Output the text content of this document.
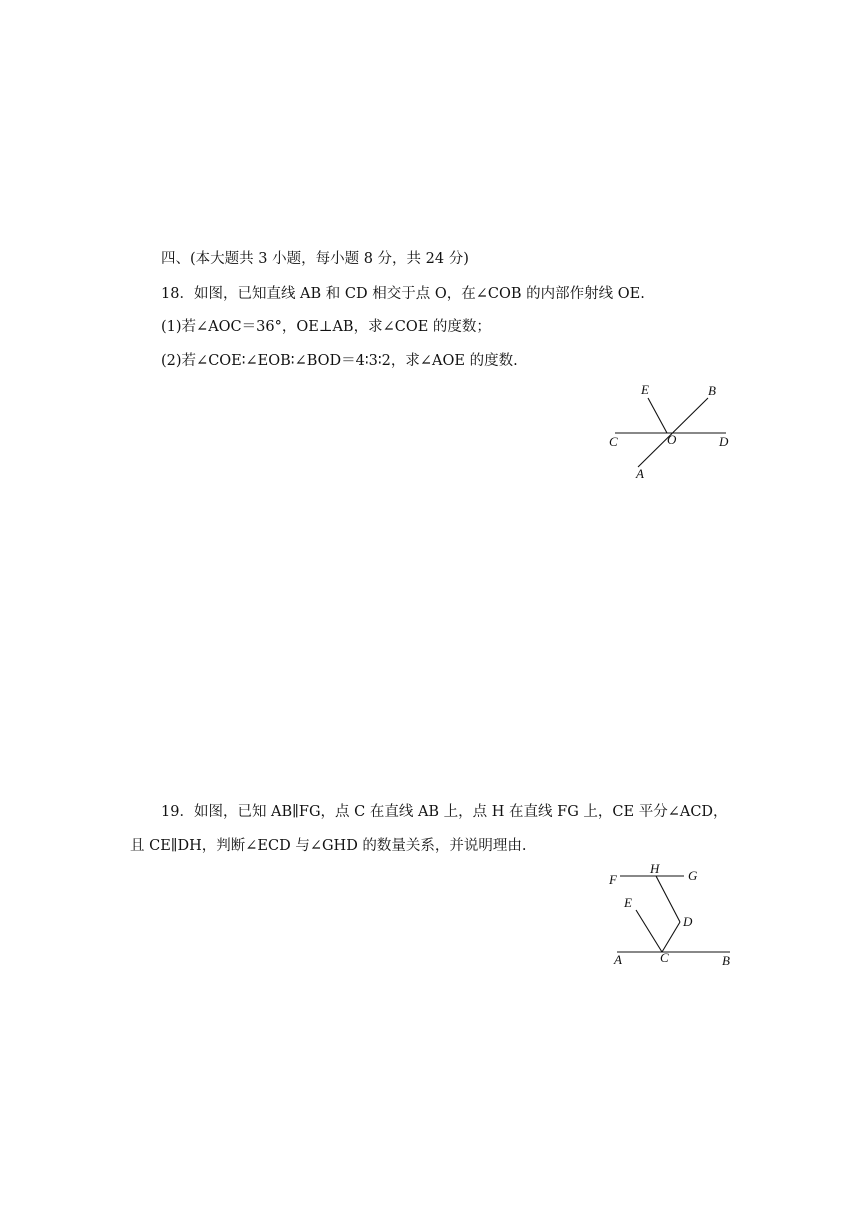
四、(本大题共 3 小题，每小题 8 分，共 24 分)
18．如图，已知直线 AB 和 CD 相交于点 O，在∠COB 的内部作射线 OE.
(1)若∠AOC＝36°，OE⊥AB，求∠COE 的度数；
(2)若∠COE∶∠EOB∶∠BOD＝4∶3∶2，求∠AOE 的度数.
E	B
C	O	D
A
19．如图，已知 AB∥FG，点 C 在直线 AB 上，点 H 在直线 FG 上，CE 平分∠ACD，
且 CE∥DH，判断∠ECD 与∠GHD 的数量关系，并说明理由.
F
H G
E
D
A	C	B
